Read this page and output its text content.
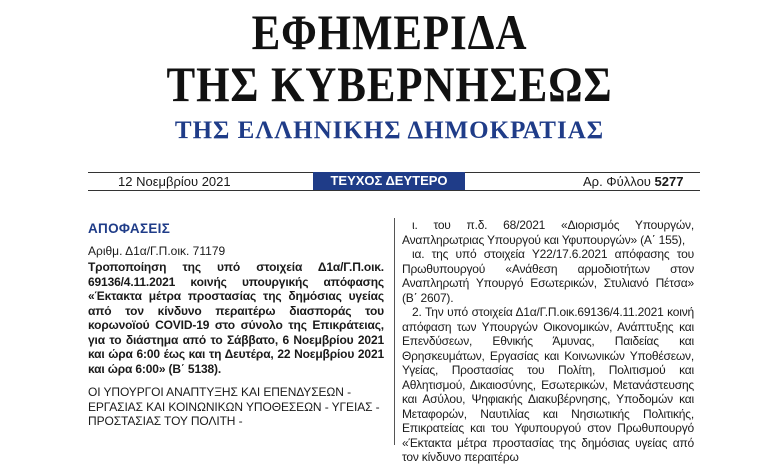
ΕΦΗΜΕΡΙΔΑ
ΤΗΣ ΚΥΒΕΡΝΗΣΕΩΣ
ΤΗΣ ΕΛΛΗΝΙΚΗΣ ΔΗΜΟΚΡΑΤΙΑΣ
12 Νοεμβρίου 2021	ΤΕΥΧΟΣ ΔΕΥΤΕΡΟ	Αρ. Φύλλου 5277
ΑΠΟΦΑΣΕΙΣ
Αριθμ. Δ1α/Γ.Π.οικ. 71179
Τροποποίηση της υπό στοιχεία Δ1α/Γ.Π.οικ. 69136/4.11.2021 κοινής υπουργικής απόφασης «Έκτακτα μέτρα προστασίας της δημόσιας υγείας από τον κίνδυνο περαιτέρω διασποράς του κορωνοϊού COVID-19 στο σύνολο της Επικράτειας, για το διάστημα από το Σάββατο, 6 Νοεμβρίου 2021 και ώρα 6:00 έως και τη Δευτέρα, 22 Νοεμβρίου 2021 και ώρα 6:00» (Β΄ 5138).
ΟΙ ΥΠΟΥΡΓΟΙ ΑΝΑΠΤΥΞΗΣ ΚΑΙ ΕΠΕΝΔΥΣΕΩΝ - ΕΡΓΑΣΙΑΣ ΚΑΙ ΚΟΙΝΩΝΙΚΩΝ ΥΠΟΘΕΣΕΩΝ - ΥΓΕΙΑΣ - ΠΡΟΣΤΑΣΙΑΣ ΤΟΥ ΠΟΛΙΤΗ -

ι. του π.δ. 68/2021 «Διορισμός Υπουργών, Αναπληρωτριας Υπουργού και Υφυπουργών» (Α΄ 155),

ια. της υπό στοιχεία Υ22/17.6.2021 απόφασης του Πρωθυπουργού «Ανάθεση αρμοδιοτήτων στον Αναπληρωτή Υπουργό Εσωτερικών, Στυλιανό Πέτσα» (Β΄ 2607).

2. Την υπό στοιχεία Δ1α/Γ.Π.οικ.69136/4.11.2021 κοινή απόφαση των Υπουργών Οικονομικών, Ανάπτυξης και Επενδύσεων, Εθνικής Άμυνας, Παιδείας και Θρησκευμάτων, Εργασίας και Κοινωνικών Υποθέσεων, Υγείας, Προστασίας του Πολίτη, Πολιτισμού και Αθλητισμού, Δικαιοσύνης, Εσωτερικών, Μετανάστευσης και Ασύλου, Ψηφιακής Διακυβέρνησης, Υποδομών και Μεταφορών, Ναυτιλίας και Νησιωτικής Πολιτικής, Επικρατείας και του Υφυπουργού στον Πρωθυπουργό «Έκτακτα μέτρα προστασίας της δημόσιας υγείας από τον κίνδυνο περαιτέρω
